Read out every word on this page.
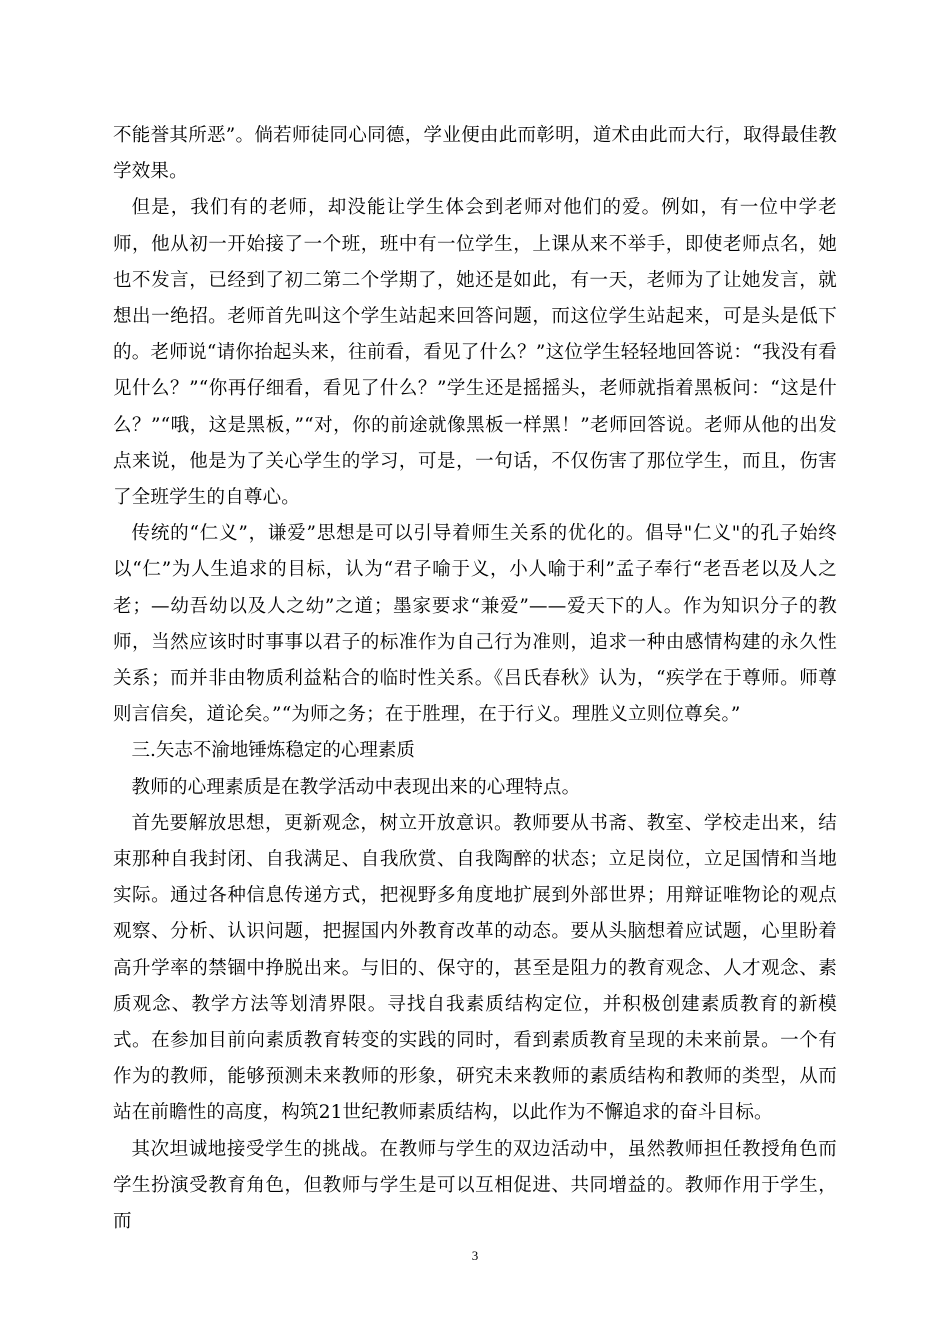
不能誉其所恶”。倘若师徒同心同德，学业便由此而彰明，道术由此而大行，取得最佳教学效果。

但是，我们有的老师，却没能让学生体会到老师对他们的爱。例如，有一位中学老师，他从初一开始接了一个班，班中有一位学生，上课从来不举手，即使老师点名，她也不发言，已经到了初二第二个学期了，她还是如此，有一天，老师为了让她发言，就想出一绝招。老师首先叫这个学生站起来回答问题，而这位学生站起来，可是头是低下的。老师说“请你抬起头来，往前看，看见了什么？”这位学生轻轻地回答说：“我没有看见什么？”“你再仔细看，看见了什么？”学生还是摇摇头，老师就指着黑板问：“这是什么？”“哦，这是黑板，”“对，你的前途就像黑板一样黑！”老师回答说。老师从他的出发点来说，他是为了关心学生的学习，可是，一句话，不仅伤害了那位学生，而且，伤害了全班学生的自尊心。

传统的“仁义”，谦爱”思想是可以引导着师生关系的优化的。倡导"仁义"的孔子始终以“仁”为人生追求的目标，认为“君子喻于义，小人喻于利”孟子奉行“老吾老以及人之老；—幼吾幼以及人之幼”之道；墨家要求“兼爱”——爱天下的人。作为知识分子的教师，当然应该时时事事以君子的标准作为自己行为准则，追求一种由感情构建的永久性关系；而并非由物质利益粘合的临时性关系。《吕氏春秋》认为，“疾学在于尊师。师尊则言信矣，道论矣。”“为师之务；在于胜理，在于行义。理胜义立则位尊矣。”

三.矢志不渝地锤炼稳定的心理素质

教师的心理素质是在教学活动中表现出来的心理特点。

首先要解放思想，更新观念，树立开放意识。教师要从书斋、教室、学校走出来，结束那种自我封闭、自我满足、自我欣赏、自我陶醉的状态；立足岗位，立足国情和当地实际。通过各种信息传递方式，把视野多角度地扩展到外部世界；用辩证唯物论的观点观察、分析、认识问题，把握国内外教育改革的动态。要从头脑想着应试题，心里盼着高升学率的禁锢中挣脱出来。与旧的、保守的，甚至是阻力的教育观念、人才观念、素质观念、教学方法等划清界限。寻找自我素质结构定位，并积极创建素质教育的新模式。在参加目前向素质教育转变的实践的同时，看到素质教育呈现的未来前景。一个有作为的教师，能够预测未来教师的形象，研究未来教师的素质结构和教师的类型，从而站在前瞻性的高度，构筑21世纪教师素质结构，以此作为不懈追求的奋斗目标。

其次坦诚地接受学生的挑战。在教师与学生的双边活动中，虽然教师担任教授角色而学生扮演受教育角色，但教师与学生是可以互相促进、共同增益的。教师作用于学生，而

3
